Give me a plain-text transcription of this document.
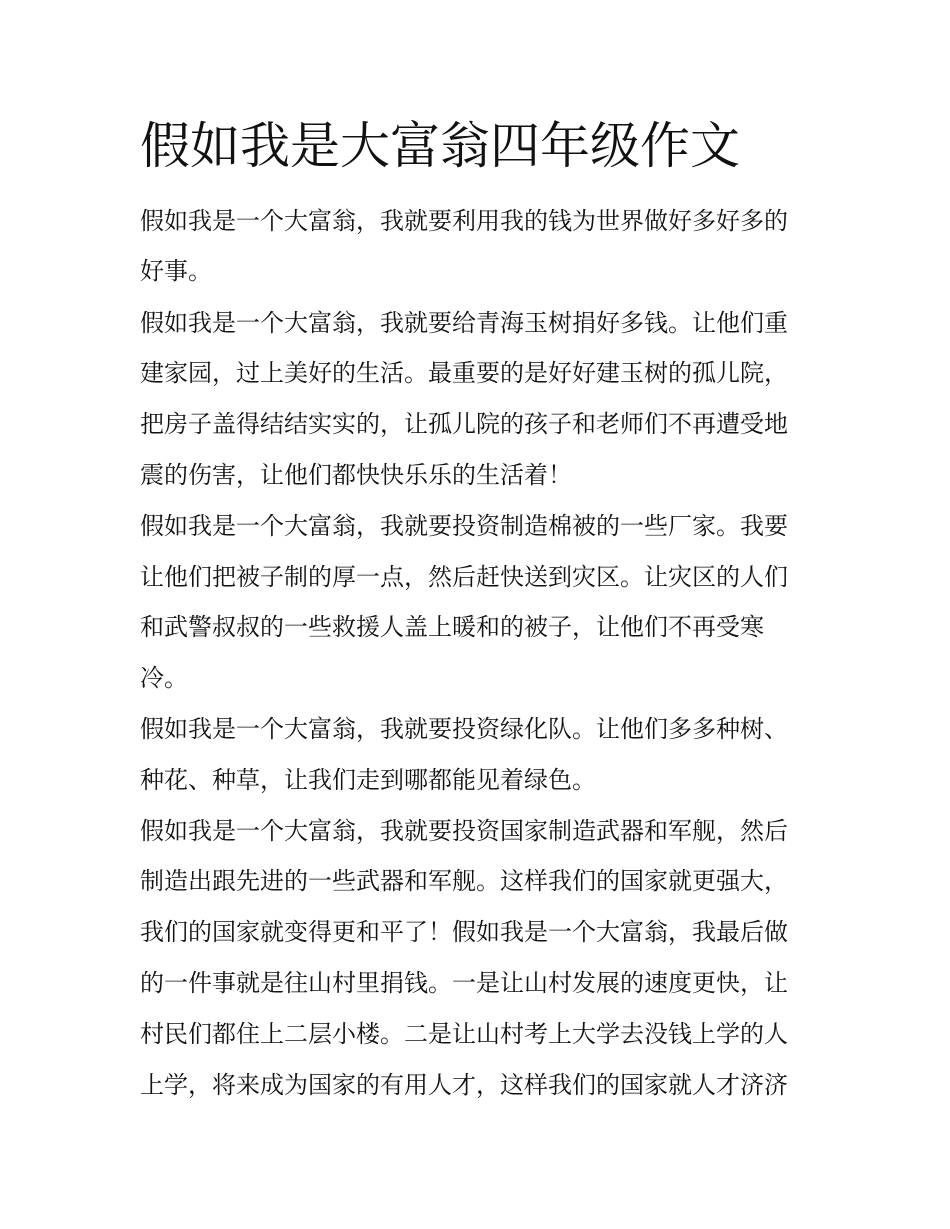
假如我是大富翁四年级作文

假如我是一个大富翁，我就要利用我的钱为世界做好多好多的

好事。

假如我是一个大富翁，我就要给青海玉树捐好多钱。让他们重

建家园，过上美好的生活。最重要的是好好建玉树的孤儿院，

把房子盖得结结实实的，让孤儿院的孩子和老师们不再遭受地

震的伤害，让他们都快快乐乐的生活着！

假如我是一个大富翁，我就要投资制造棉被的一些厂家。我要

让他们把被子制的厚一点，然后赶快送到灾区。让灾区的人们

和武警叔叔的一些救援人盖上暖和的被子，让他们不再受寒

冷。

假如我是一个大富翁，我就要投资绿化队。让他们多多种树、

种花、种草，让我们走到哪都能见着绿色。

假如我是一个大富翁，我就要投资国家制造武器和军舰，然后

制造出跟先进的一些武器和军舰。这样我们的国家就更强大，

我们的国家就变得更和平了！假如我是一个大富翁，我最后做

的一件事就是往山村里捐钱。一是让山村发展的速度更快，让

村民们都住上二层小楼。二是让山村考上大学去没钱上学的人

上学，将来成为国家的有用人才，这样我们的国家就人才济济
